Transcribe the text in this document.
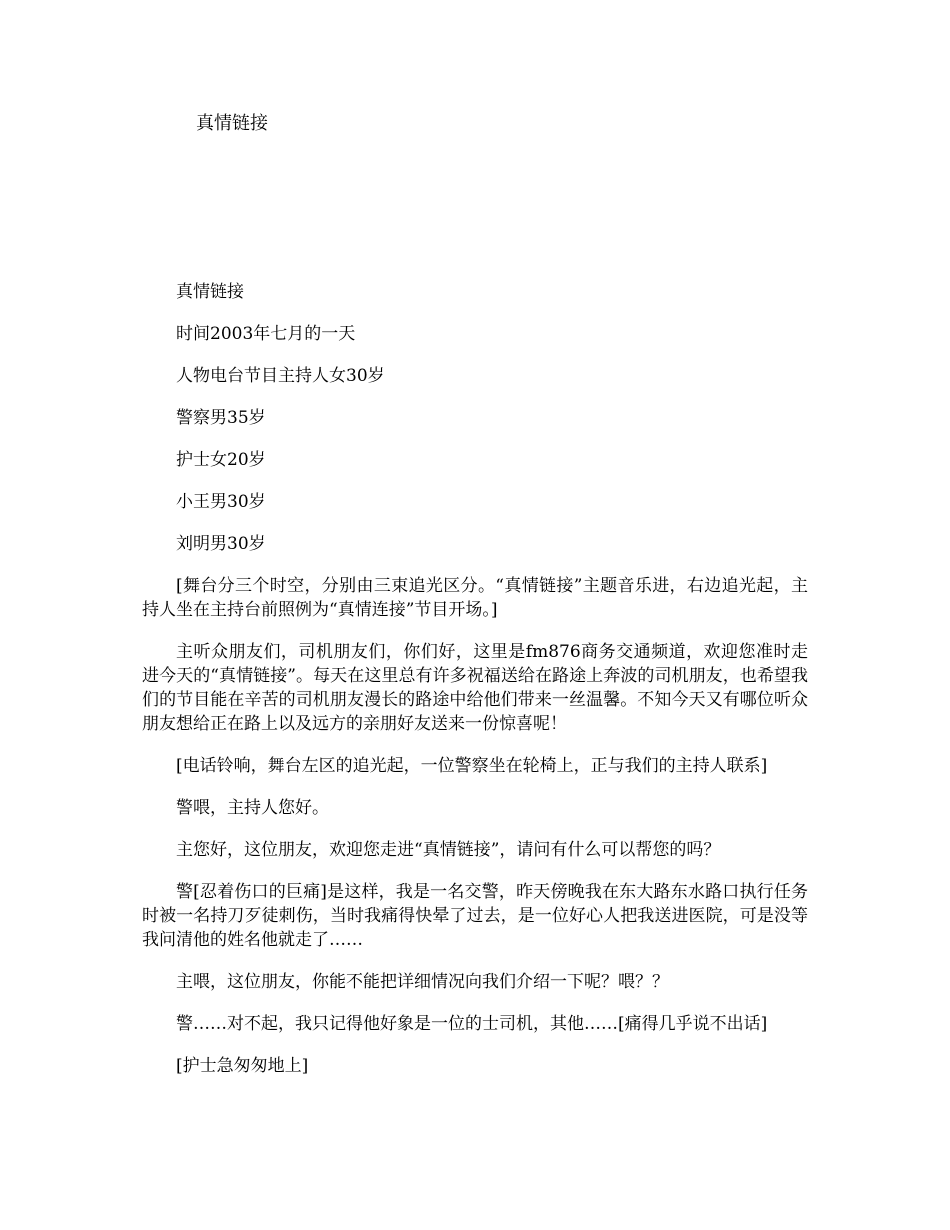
真情链接

真情链接

时间2003年七月的一天

人物电台节目主持人女30岁

警察男35岁

护士女20岁

小王男30岁

刘明男30岁

[舞台分三个时空，分别由三束追光区分。“真情链接”主题音乐进，右边追光起，主持人坐在主持台前照例为“真情连接”节目开场。]

主听众朋友们，司机朋友们，你们好，这里是fm876商务交通频道，欢迎您准时走进今天的“真情链接”。每天在这里总有许多祝福送给在路途上奔波的司机朋友，也希望我们的节目能在辛苦的司机朋友漫长的路途中给他们带来一丝温馨。不知今天又有哪位听众朋友想给正在路上以及远方的亲朋好友送来一份惊喜呢！

[电话铃响，舞台左区的追光起，一位警察坐在轮椅上，正与我们的主持人联系]

警喂，主持人您好。

主您好，这位朋友，欢迎您走进“真情链接”，请问有什么可以帮您的吗？

警[忍着伤口的巨痛]是这样，我是一名交警，昨天傍晚我在东大路东水路口执行任务时被一名持刀歹徒刺伤，当时我痛得快晕了过去，是一位好心人把我送进医院，可是没等我问清他的姓名他就走了……

主喂，这位朋友，你能不能把详细情况向我们介绍一下呢？喂？？

警……对不起，我只记得他好象是一位的士司机，其他……[痛得几乎说不出话]

[护士急匆匆地上]
